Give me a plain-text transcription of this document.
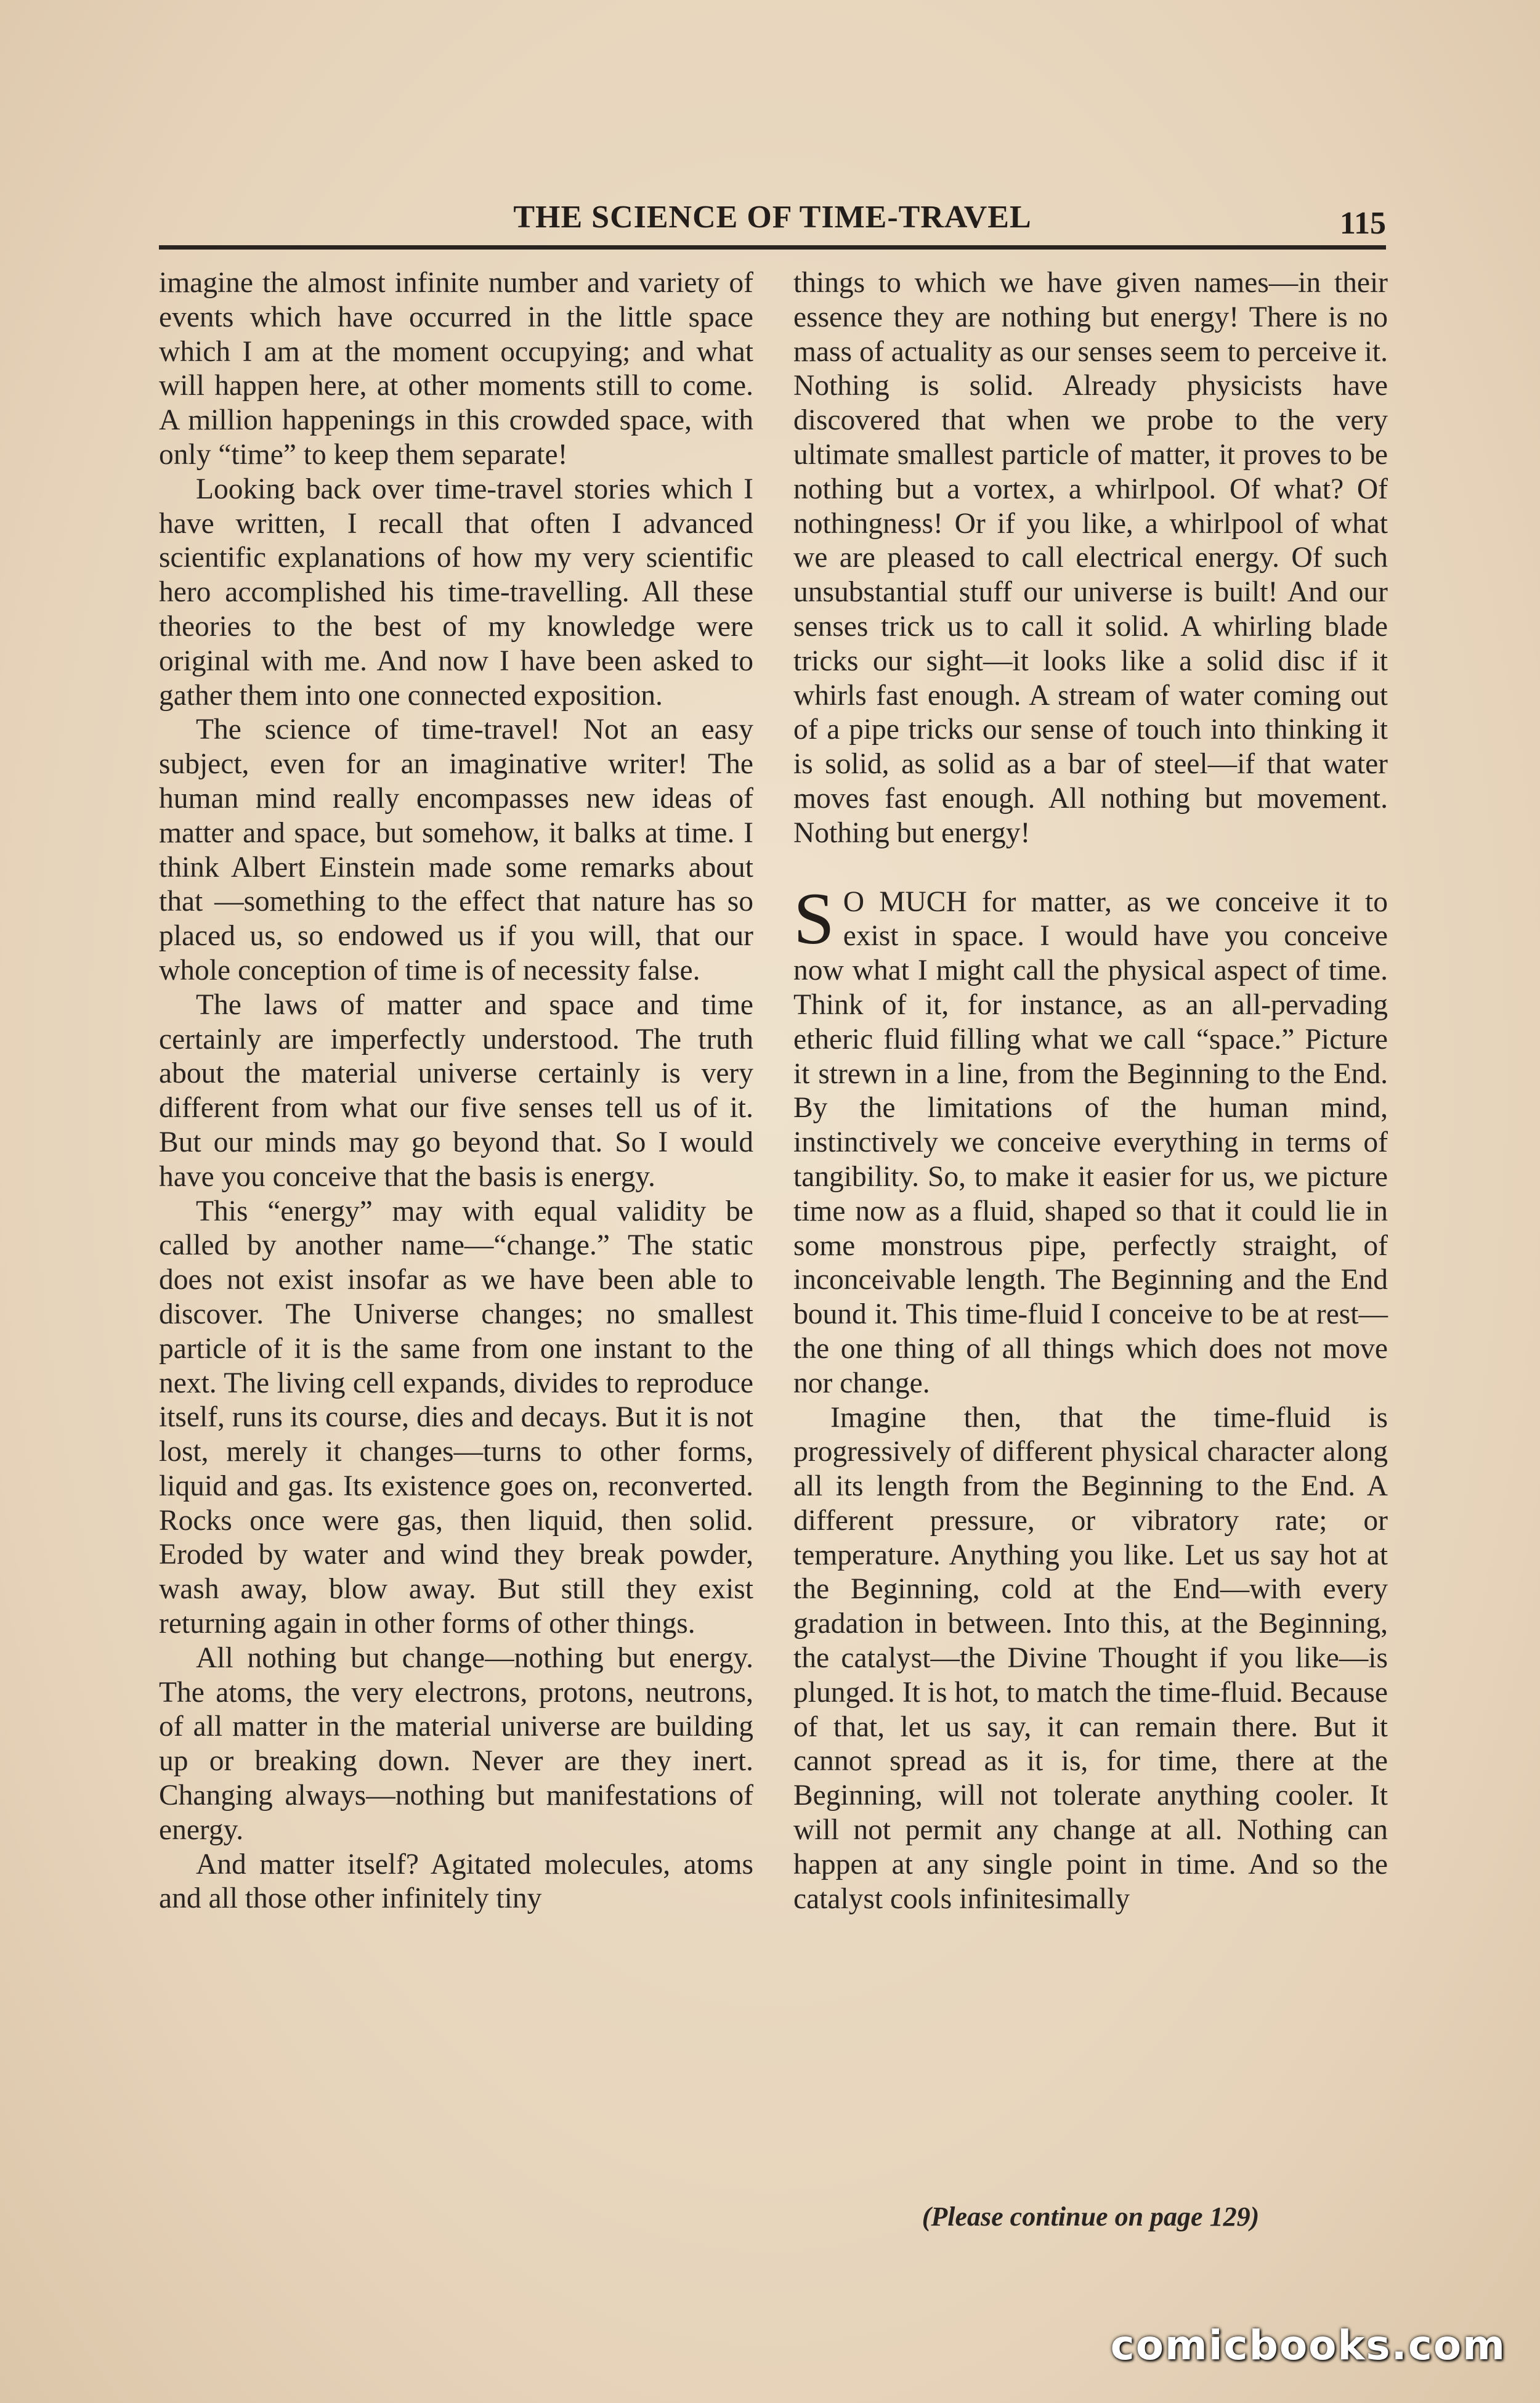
THE SCIENCE OF TIME-TRAVEL	115

imagine the almost infinite number and variety of events which have occurred in the little space which I am at the moment occupying; and what will happen here, at other moments still to come. A million happenings in this crowded space, with only “time” to keep them separate!

Looking back over time-travel stories which I have written, I recall that often I advanced scientific explanations of how my very scientific hero accomplished his time-travelling. All these theories to the best of my knowledge were original with me. And now I have been asked to gather them into one connected exposition.

The science of time-travel! Not an easy subject, even for an imaginative writer! The human mind really encompasses new ideas of matter and space, but somehow, it balks at time. I think Albert Einstein made some remarks about that —something to the effect that nature has so placed us, so endowed us if you will, that our whole conception of time is of necessity false.

The laws of matter and space and time certainly are imperfectly understood. The truth about the material universe certainly is very different from what our five senses tell us of it. But our minds may go beyond that. So I would have you conceive that the basis is energy.

This “energy” may with equal validity be called by another name—“change.” The static does not exist insofar as we have been able to discover. The Universe changes; no smallest particle of it is the same from one instant to the next. The living cell expands, divides to reproduce itself, runs its course, dies and decays. But it is not lost, merely it changes—turns to other forms, liquid and gas. Its existence goes on, reconverted. Rocks once were gas, then liquid, then solid. Eroded by water and wind they break powder, wash away, blow away. But still they exist returning again in other forms of other things.

All nothing but change—nothing but energy. The atoms, the very electrons, protons, neutrons, of all matter in the material universe are building up or breaking down. Never are they inert. Changing always—nothing but manifestations of energy.

And matter itself? Agitated molecules, atoms and all those other infinitely tiny

things to which we have given names—in their essence they are nothing but energy! There is no mass of actuality as our senses seem to perceive it. Nothing is solid. Already physicists have discovered that when we probe to the very ultimate smallest particle of matter, it proves to be nothing but a vortex, a whirlpool. Of what? Of nothingness! Or if you like, a whirlpool of what we are pleased to call electrical energy. Of such unsubstantial stuff our universe is built! And our senses trick us to call it solid. A whirling blade tricks our sight—it looks like a solid disc if it whirls fast enough. A stream of water coming out of a pipe tricks our sense of touch into thinking it is solid, as solid as a bar of steel—if that water moves fast enough. All nothing but movement. Nothing but energy!

S O MUCH for matter, as we conceive it to exist in space. I would have you conceive now what I might call the physical aspect of time. Think of it, for instance, as an all-pervading etheric fluid filling what we call “space.” Picture it strewn in a line, from the Beginning to the End. By the limitations of the human mind, instinctively we conceive everything in terms of tangibility. So, to make it easier for us, we picture time now as a fluid, shaped so that it could lie in some monstrous pipe, perfectly straight, of inconceivable length. The Beginning and the End bound it. This time-fluid I conceive to be at rest—the one thing of all things which does not move nor change.

Imagine then, that the time-fluid is progressively of different physical character along all its length from the Beginning to the End. A different pressure, or vibratory rate; or temperature. Anything you like. Let us say hot at the Beginning, cold at the End—with every gradation in between. Into this, at the Beginning, the catalyst—the Divine Thought if you like—is plunged. It is hot, to match the time-fluid. Because of that, let us say, it can remain there. But it cannot spread as it is, for time, there at the Beginning, will not tolerate anything cooler. It will not permit any change at all. Nothing can happen at any single point in time. And so the catalyst cools infinitesimally

(Please continue on page 129)
comicbooks.com
